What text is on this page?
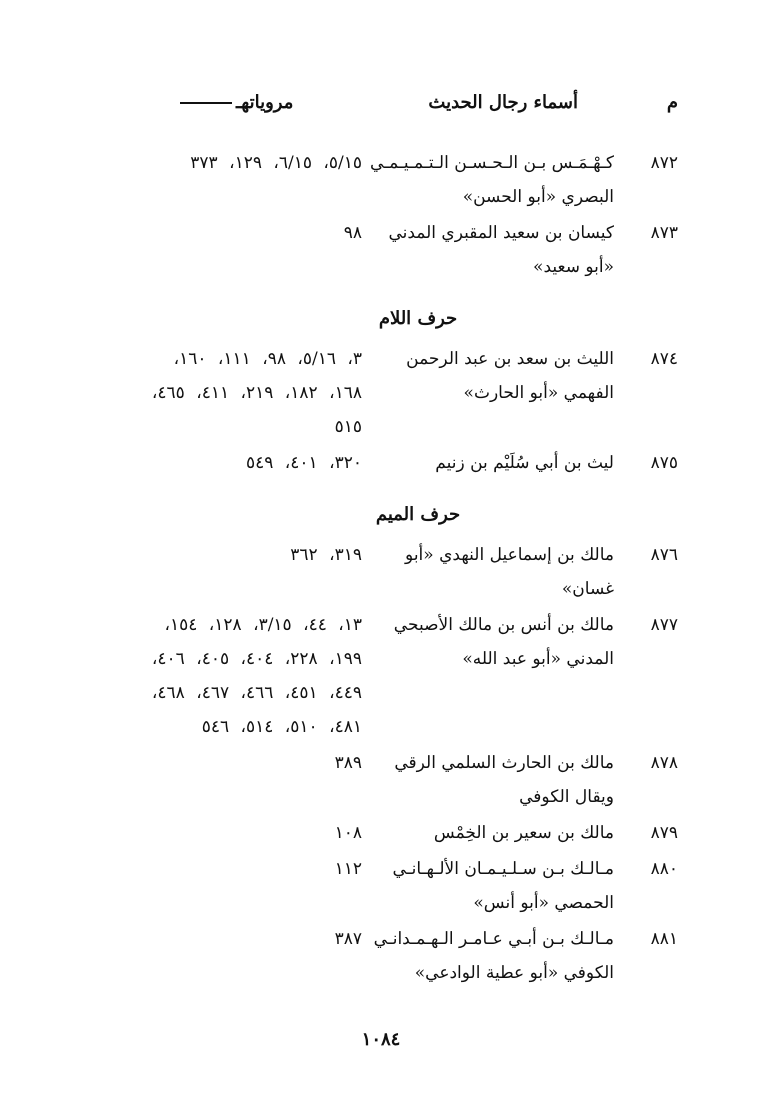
م
أسماء رجال الحديث
مروياتهـ
٨٧٢
كـهْـمَـس بـن الـحـسـن الـتـمـيـمـي
البصري «أبو الحسن»
٥/١٥، ٦/١٥، ١٢٩، ٣٧٣
٨٧٣
كيسان بن سعيد المقبري المدني
«أبو سعيد»
٩٨
حرف اللام
٨٧٤
الليث بن سعد بن عبد الرحمن
الفهمي «أبو الحارث»
٣، ٥/١٦، ٩٨، ١١١، ١٦٠،
١٦٨، ١٨٢، ٢١٩، ٤١١، ٤٦٥،
٥١٥
٨٧٥
ليث بن أبي سُلَيْم بن زنيم
٣٢٠، ٤٠١، ٥٤٩
حرف الميم
٨٧٦
مالك بن إسماعيل النهدي «أبو
غسان»
٣١٩، ٣٦٢
٨٧٧
مالك بن أنس بن مالك الأصبحي
المدني «أبو عبد الله»
١٣، ٤٤، ٣/١٥، ١٢٨، ١٥٤،
١٩٩، ٢٢٨، ٤٠٤، ٤٠٥، ٤٠٦،
٤٤٩، ٤٥١، ٤٦٦، ٤٦٧، ٤٦٨،
٤٨١، ٥١٠، ٥١٤، ٥٤٦
٨٧٨
مالك بن الحارث السلمي الرقي
ويقال الكوفي
٣٨٩
٨٧٩
مالك بن سعير بن الخِمْس
١٠٨
٨٨٠
مـالـك بـن سـلـيـمـان الألـهـانـي
الحمصي «أبو أنس»
١١٢
٨٨١
مـالـك بـن أبـي عـامـر الـهـمـدانـي
الكوفي «أبو عطية الوادعي»
٣٨٧
١٠٨٤
